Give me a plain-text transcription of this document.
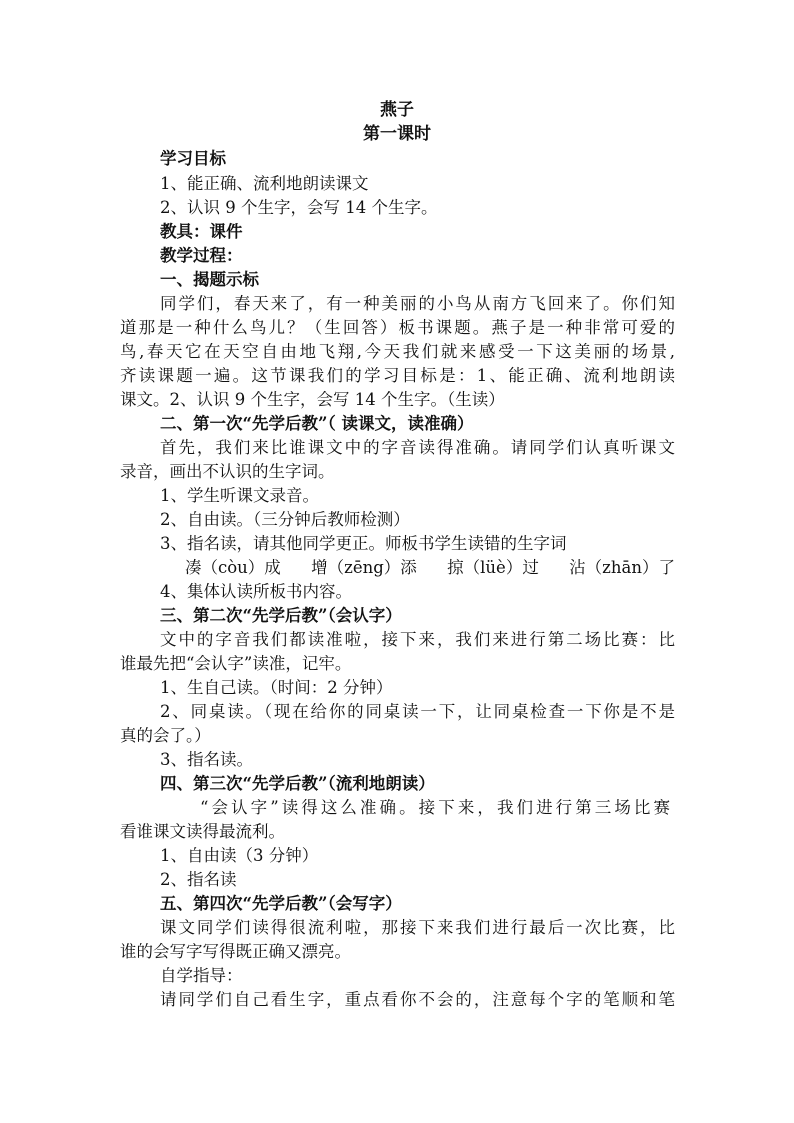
燕子
第一课时
学习目标
1、能正确、流利地朗读课文
2、认识 9 个生字，会写 14 个生字。
教具：课件
教学过程：
一、揭题示标
同学们，春天来了，有一种美丽的小鸟从南方飞回来了。你们知
道那是一种什么鸟儿？（生回答）板书课题。燕子是一种非常可爱的
鸟,春天它在天空自由地飞翔,今天我们就来感受一下这美丽的场景,
齐读课题一遍。这节课我们的学习目标是：1、能正确、流利地朗读
课文。2、认识 9 个生字，会写 14 个生字。（生读）
二、第一次“先学后教”（ 读课文，读准确）
首先，我们来比谁课文中的字音读得准确。请同学们认真听课文
录音，画出不认识的生字词。
1、学生听课文录音。
2、自由读。（三分钟后教师检测）
3、指名读，请其他同学更正。师板书学生读错的生字词
凑（còu）成 增（zēng）添 掠（lüè）过 沾（zhān）了
4、集体认读所板书内容。
三、第二次“先学后教”（会认字）
文中的字音我们都读准啦，接下来，我们来进行第二场比赛：比
谁最先把“会认字”读准，记牢。
1、生自己读。（时间：2 分钟）
2、同桌读。（现在给你的同桌读一下，让同桌检查一下你是不是
真的会了。）
3、指名读。
四、第三次“先学后教”（流利地朗读）
“会认字”读得这么准确。接下来，我们进行第三场比赛
看谁课文读得最流利。
1、自由读（3 分钟）
2、指名读
五、第四次“先学后教”（会写字）
课文同学们读得很流利啦，那接下来我们进行最后一次比赛，比
谁的会写字写得既正确又漂亮。
自学指导：
请同学们自己看生字，重点看你不会的，注意每个字的笔顺和笔
